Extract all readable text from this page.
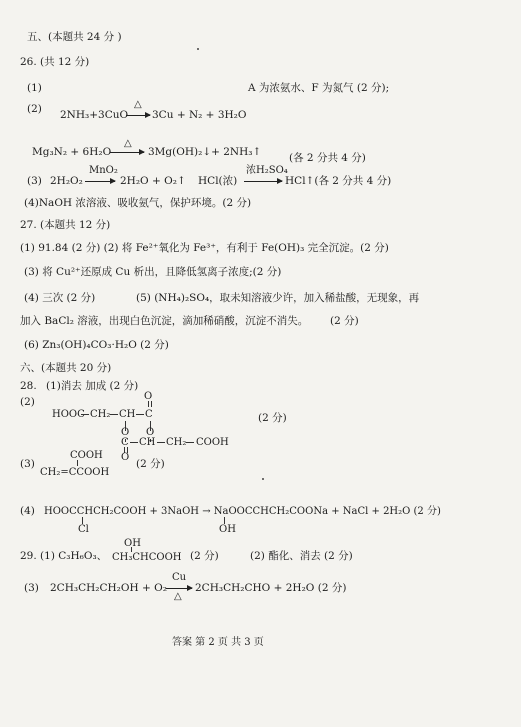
五、(本题共 24 分 )
26. (共 12 分)
(1)	A 为浓氨水、F 为氮气 (2 分);
(2) 2NH₃+3CuO
△
3Cu + N₂ + 3H₂O
Mg₃N₂ + 6H₂O
△
3Mg(OH)₂↓+ 2NH₃↑	(各 2 分共 4 分)
(3) 2H₂O₂
MnO₂
2H₂O + O₂↑ HCl(浓)
浓H₂SO₄
HCl↑(各 2 分共 4 分)
(4)NaOH 浓溶液、吸收氨气，保护环境。(2 分)
27. (本题共 12 分)
(1) 91.84 (2 分) (2) 将 Fe²⁺氧化为 Fe³⁺，有利于 Fe(OH)₃ 完全沉淀。(2 分)
(3) 将 Cu²⁺还原成 Cu 析出，且降低氢离子浓度;(2 分)
(4) 三次 (2 分)	(5) (NH₄)₂SO₄，取未知溶液少许，加入稀盐酸，无现象，再
加入 BaCl₂ 溶液，出现白色沉淀，滴加稀硝酸，沉淀不消失。 (2 分)
(6) Zn₃(OH)₄CO₃·H₂O (2 分)
六、(本题共 20 分)
28. (1)消去 加成 (2 分)
(2)
HOOC CH₂ CH C
O
O O
C CH CH₂ COOH
O
(2 分)
(3)
COOH
CH₂=CCOOH
(2 分)
(4) HOOCCHCH₂COOH + 3NaOH → NaOOCCHCH₂COONa + NaCl + 2H₂O (2 分)
Cl	OH
29. (1) C₃H₆O₃、
OH
CH₃CHCOOH (2 分)	(2) 酯化、消去 (2 分)
(3) 2CH₃CH₂CH₂OH + O₂
Cu
△
2CH₃CH₂CHO + 2H₂O (2 分)
答案 第 2 页 共 3 页
